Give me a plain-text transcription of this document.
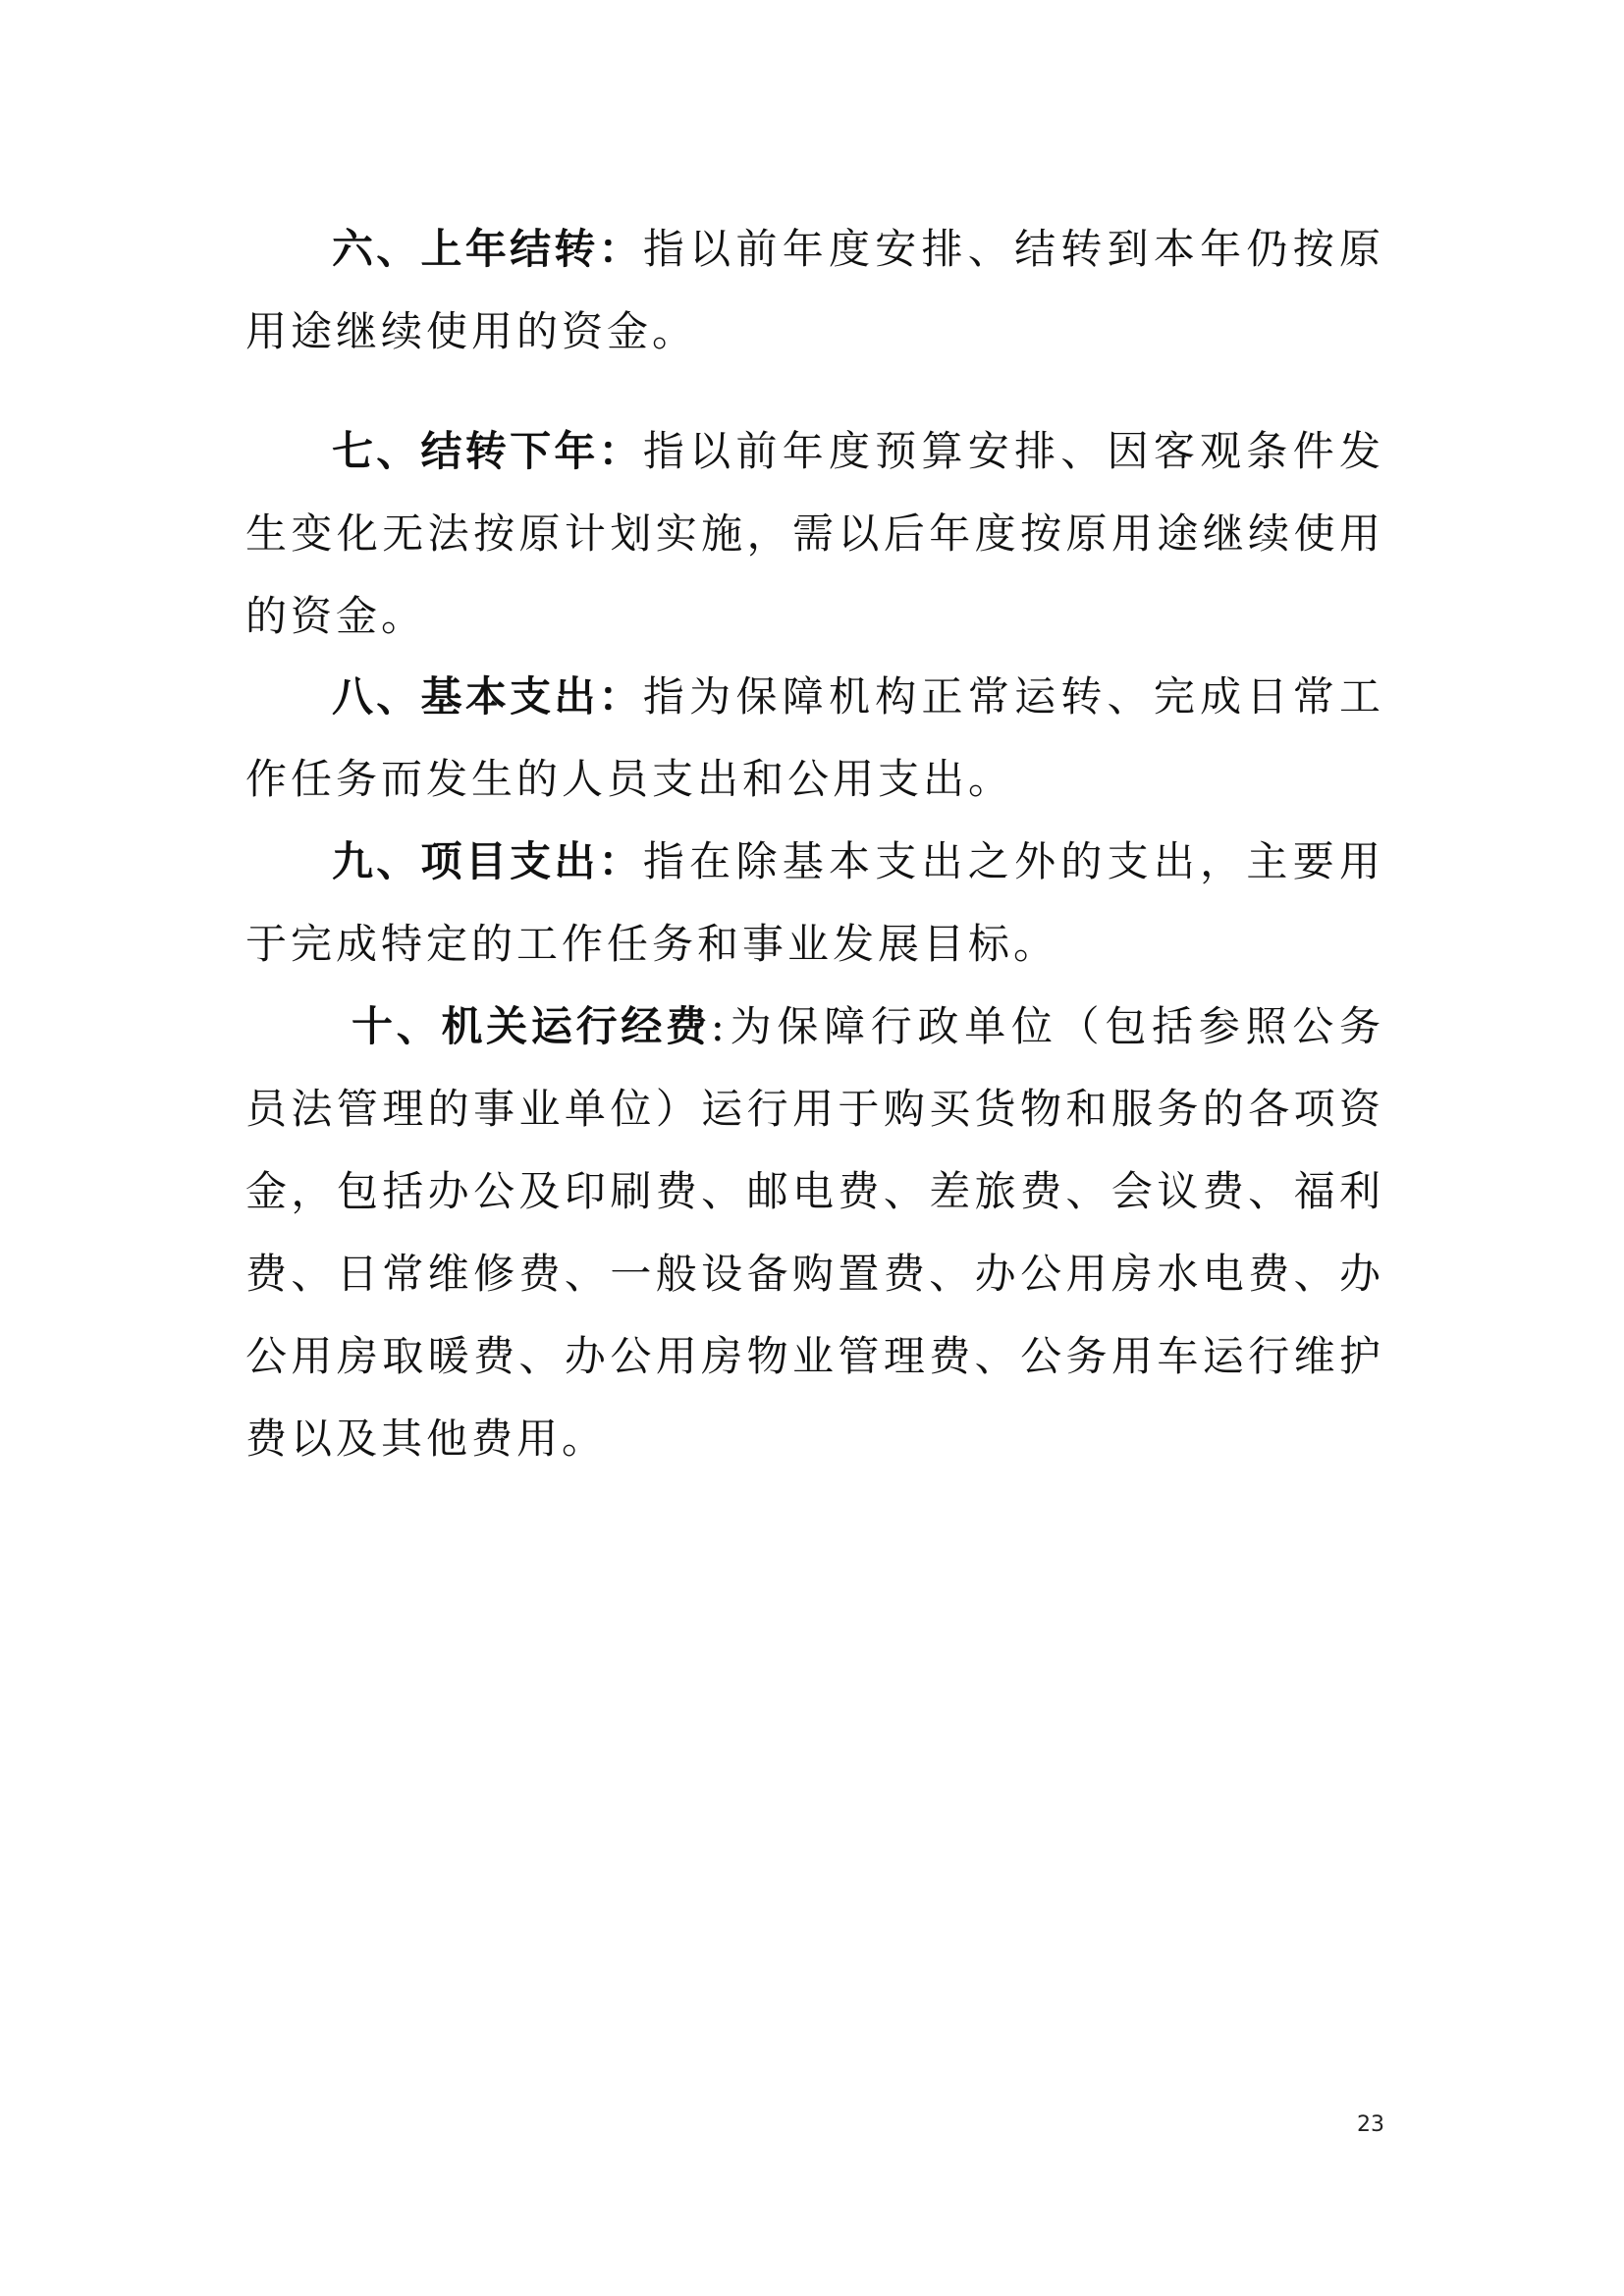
六、上年结转：指以前年度安排、结转到本年仍按原用途继续使用的资金。

七、结转下年：指以前年度预算安排、因客观条件发生变化无法按原计划实施，需以后年度按原用途继续使用的资金。

八、基本支出：指为保障机构正常运转、完成日常工作任务而发生的人员支出和公用支出。

九、项目支出：指在除基本支出之外的支出，主要用于完成特定的工作任务和事业发展目标。

十、机关运行经费:为保障行政单位（包括参照公务员法管理的事业单位）运行用于购买货物和服务的各项资金，包括办公及印刷费、邮电费、差旅费、会议费、福利费、日常维修费、一般设备购置费、办公用房水电费、办公用房取暖费、办公用房物业管理费、公务用车运行维护费以及其他费用。

23
